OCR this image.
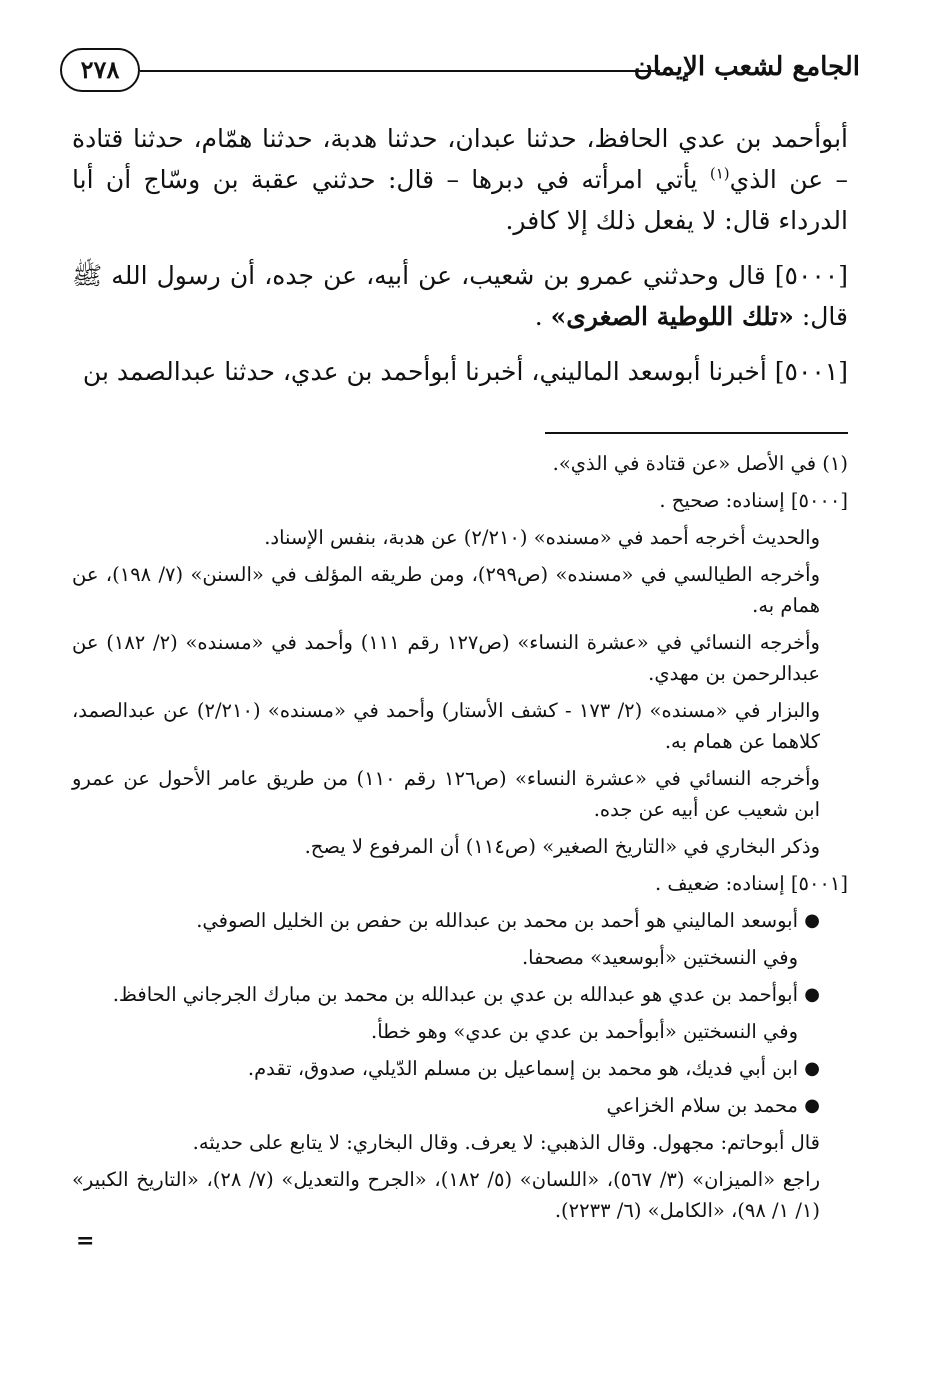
٢٧٨	الجامع لشعب الإيمان

أبوأحمد بن عدي الحافظ، حدثنا عبدان، حدثنا هدبة، حدثنا همّام، حدثنا قتادة – عن الذي$^{(١)}$ يأتي امرأته في دبرها – قال: حدثني عقبة بن وسّاج أن أبا الدرداء قال: لا يفعل ذلك إلا كافر.

[٥٠٠٠] قال وحدثني عمرو بن شعيب، عن أبيه، عن جده، أن رسول الله ﷺ قال: «تلك اللوطية الصغرى» .

[٥٠٠١] أخبرنا أبوسعد الماليني، أخبرنا أبوأحمد بن عدي، حدثنا عبدالصمد بن

(١) في الأصل «عن قتادة في الذي».

[٥٠٠٠] إسناده: صحيح .

والحديث أخرجه أحمد في «مسنده» (٢/٢١٠) عن هدبة، بنفس الإسناد.

وأخرجه الطيالسي في «مسنده» (ص٢٩٩)، ومن طريقه المؤلف في «السنن» (٧/ ١٩٨)، عن همام به.

وأخرجه النسائي في «عشرة النساء» (ص١٢٧ رقم ١١١) وأحمد في «مسنده» (٢/ ١٨٢) عن عبدالرحمن بن مهدي.

والبزار في «مسنده» (٢/ ١٧٣ - كشف الأستار) وأحمد في «مسنده» (٢/٢١٠) عن عبدالصمد، كلاهما عن همام به.

وأخرجه النسائي في «عشرة النساء» (ص١٢٦ رقم ١١٠) من طريق عامر الأحول عن عمرو ابن شعيب عن أبيه عن جده.

وذكر البخاري في «التاريخ الصغير» (ص١١٤) أن المرفوع لا يصح.

[٥٠٠١] إسناده: ضعيف .

●
أبوسعد الماليني هو أحمد بن محمد بن عبدالله بن حفص بن الخليل الصوفي.
وفي النسختين «أبوسعيد» مصحفا.
●
أبوأحمد بن عدي هو عبدالله بن عدي بن عبدالله بن محمد بن مبارك الجرجاني الحافظ.
وفي النسختين «أبوأحمد بن عدي بن عدي» وهو خطأ.
●
ابن أبي فديك، هو محمد بن إسماعيل بن مسلم الدّيلي، صدوق، تقدم.
●
محمد بن سلام الخزاعي

قال أبوحاتم: مجهول. وقال الذهبي: لا يعرف. وقال البخاري: لا يتابع على حديثه.

راجع «الميزان» (٣/ ٥٦٧)، «اللسان» (٥/ ١٨٢)، «الجرح والتعديل» (٧/ ٢٨)، «التاريخ الكبير» (١/ ١/ ٩٨)، «الكامل» (٦/ ٢٢٣٣).

=
